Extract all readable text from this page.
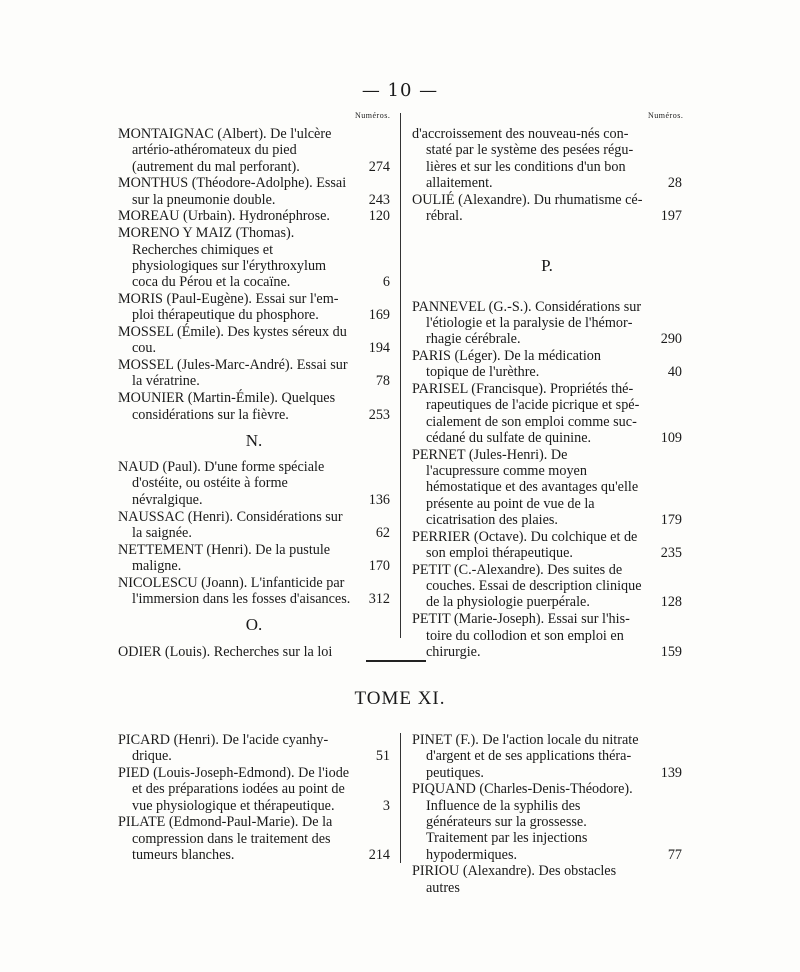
— 10 —
Numéros.	Numéros.
MONTAIGNAC (Albert). De l'ulcère artério-athéromateux du pied (autrement du mal perforant).	274
MONTHUS (Théodore-Adolphe). Essai sur la pneumonie double.	243
MOREAU (Urbain). Hydronéphrose.	120
MORENO Y MAIZ (Thomas). Recherches chimiques et physiologiques sur l'érythroxylum coca du Pérou et la cocaïne.	6
MORIS (Paul-Eugène). Essai sur l'emploi thérapeutique du phosphore.	169
MOSSEL (Émile). Des kystes séreux du cou.	194
MOSSEL (Jules-Marc-André). Essai sur la vératrine.	78
MOUNIER (Martin-Émile). Quelques considérations sur la fièvre.	253
N.
NAUD (Paul). D'une forme spéciale d'ostéite, ou ostéite à forme névralgique.	136
NAUSSAC (Henri). Considérations sur la saignée.	62
NETTEMENT (Henri). De la pustule maligne.	170
NICOLESCU (Joann). L'infanticide par l'immersion dans les fosses d'aisances. 312
O.
ODIER (Louis). Recherches sur la loi
d'accroissement des nouveau-nés constaté par le système des pesées régulières et sur les conditions d'un bon allaitement.	28
OULIÉ (Alexandre). Du rhumatisme cérébral.	197
P.
PANNEVEL (G.-S.). Considérations sur l'étiologie et la paralysie de l'hémorrhagie cérébrale.	290
PARIS (Léger). De la médication topique de l'urèthre.	40
PARISEL (Francisque). Propriétés thérapeutiques de l'acide picrique et spécialement de son emploi comme succédané du sulfate de quinine.	109
PERNET (Jules-Henri). De l'acupressure comme moyen hémostatique et des avantages qu'elle présente au point de vue de la cicatrisation des plaies.	179
PERRIER (Octave). Du colchique et de son emploi thérapeutique.	235
PETIT (C.-Alexandre). Des suites de couches. Essai de description clinique de la physiologie puerpérale.	128
PETIT (Marie-Joseph). Essai sur l'histoire du collodion et son emploi en chirurgie.	159
TOME XI.
PICARD (Henri). De l'acide cyanhydrique.	51
PIED (Louis-Joseph-Edmond). De l'iode et des préparations iodées au point de vue physiologique et thérapeutique.	3
PILATE (Edmond-Paul-Marie). De la compression dans le traitement des tumeurs blanches.	214
PINET (F.). De l'action locale du nitrate d'argent et de ses applications thérapeutiques.	139
PIQUAND (Charles-Denis-Théodore). Influence de la syphilis des générateurs sur la grossesse. Traitement par les injections hypodermiques.	77
PIRIOU (Alexandre). Des obstacles autres
